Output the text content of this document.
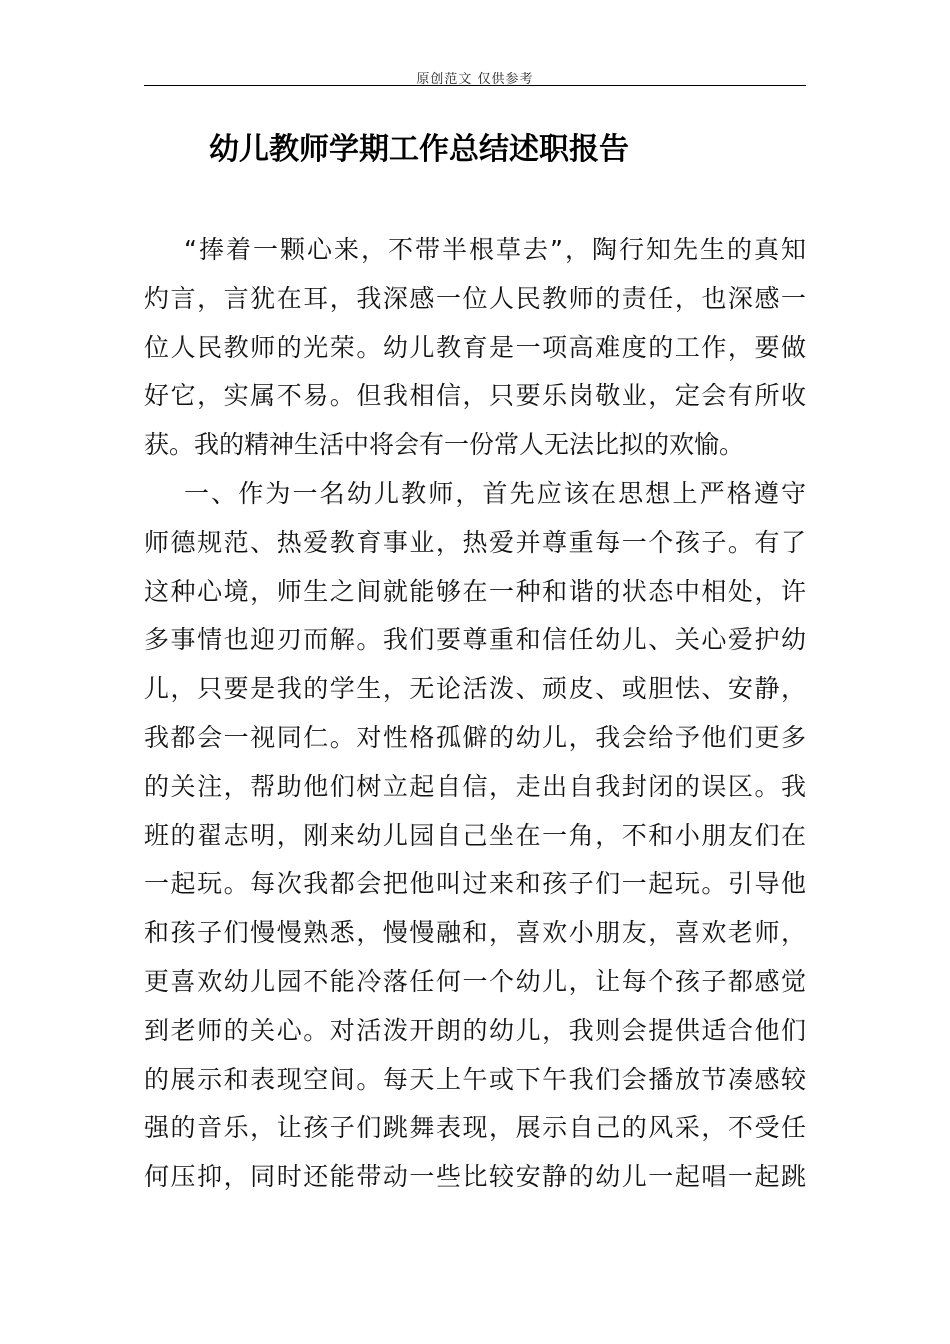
原创范文 仅供参考
幼儿教师学期工作总结述职报告
“捧着一颗心来，不带半根草去”，陶行知先生的真知
灼言，言犹在耳，我深感一位人民教师的责任，也深感一
位人民教师的光荣。幼儿教育是一项高难度的工作，要做
好它，实属不易。但我相信，只要乐岗敬业，定会有所收
获。我的精神生活中将会有一份常人无法比拟的欢愉。
一、作为一名幼儿教师，首先应该在思想上严格遵守
师德规范、热爱教育事业，热爱并尊重每一个孩子。有了
这种心境，师生之间就能够在一种和谐的状态中相处，许
多事情也迎刃而解。我们要尊重和信任幼儿、关心爱护幼
儿，只要是我的学生，无论活泼、顽皮、或胆怯、安静，
我都会一视同仁。对性格孤僻的幼儿，我会给予他们更多
的关注，帮助他们树立起自信，走出自我封闭的误区。我
班的翟志明，刚来幼儿园自己坐在一角，不和小朋友们在
一起玩。每次我都会把他叫过来和孩子们一起玩。引导他
和孩子们慢慢熟悉，慢慢融和，喜欢小朋友，喜欢老师，
更喜欢幼儿园不能冷落任何一个幼儿，让每个孩子都感觉
到老师的关心。对活泼开朗的幼儿，我则会提供适合他们
的展示和表现空间。每天上午或下午我们会播放节凑感较
强的音乐，让孩子们跳舞表现，展示自己的风采，不受任
何压抑，同时还能带动一些比较安静的幼儿一起唱一起跳
